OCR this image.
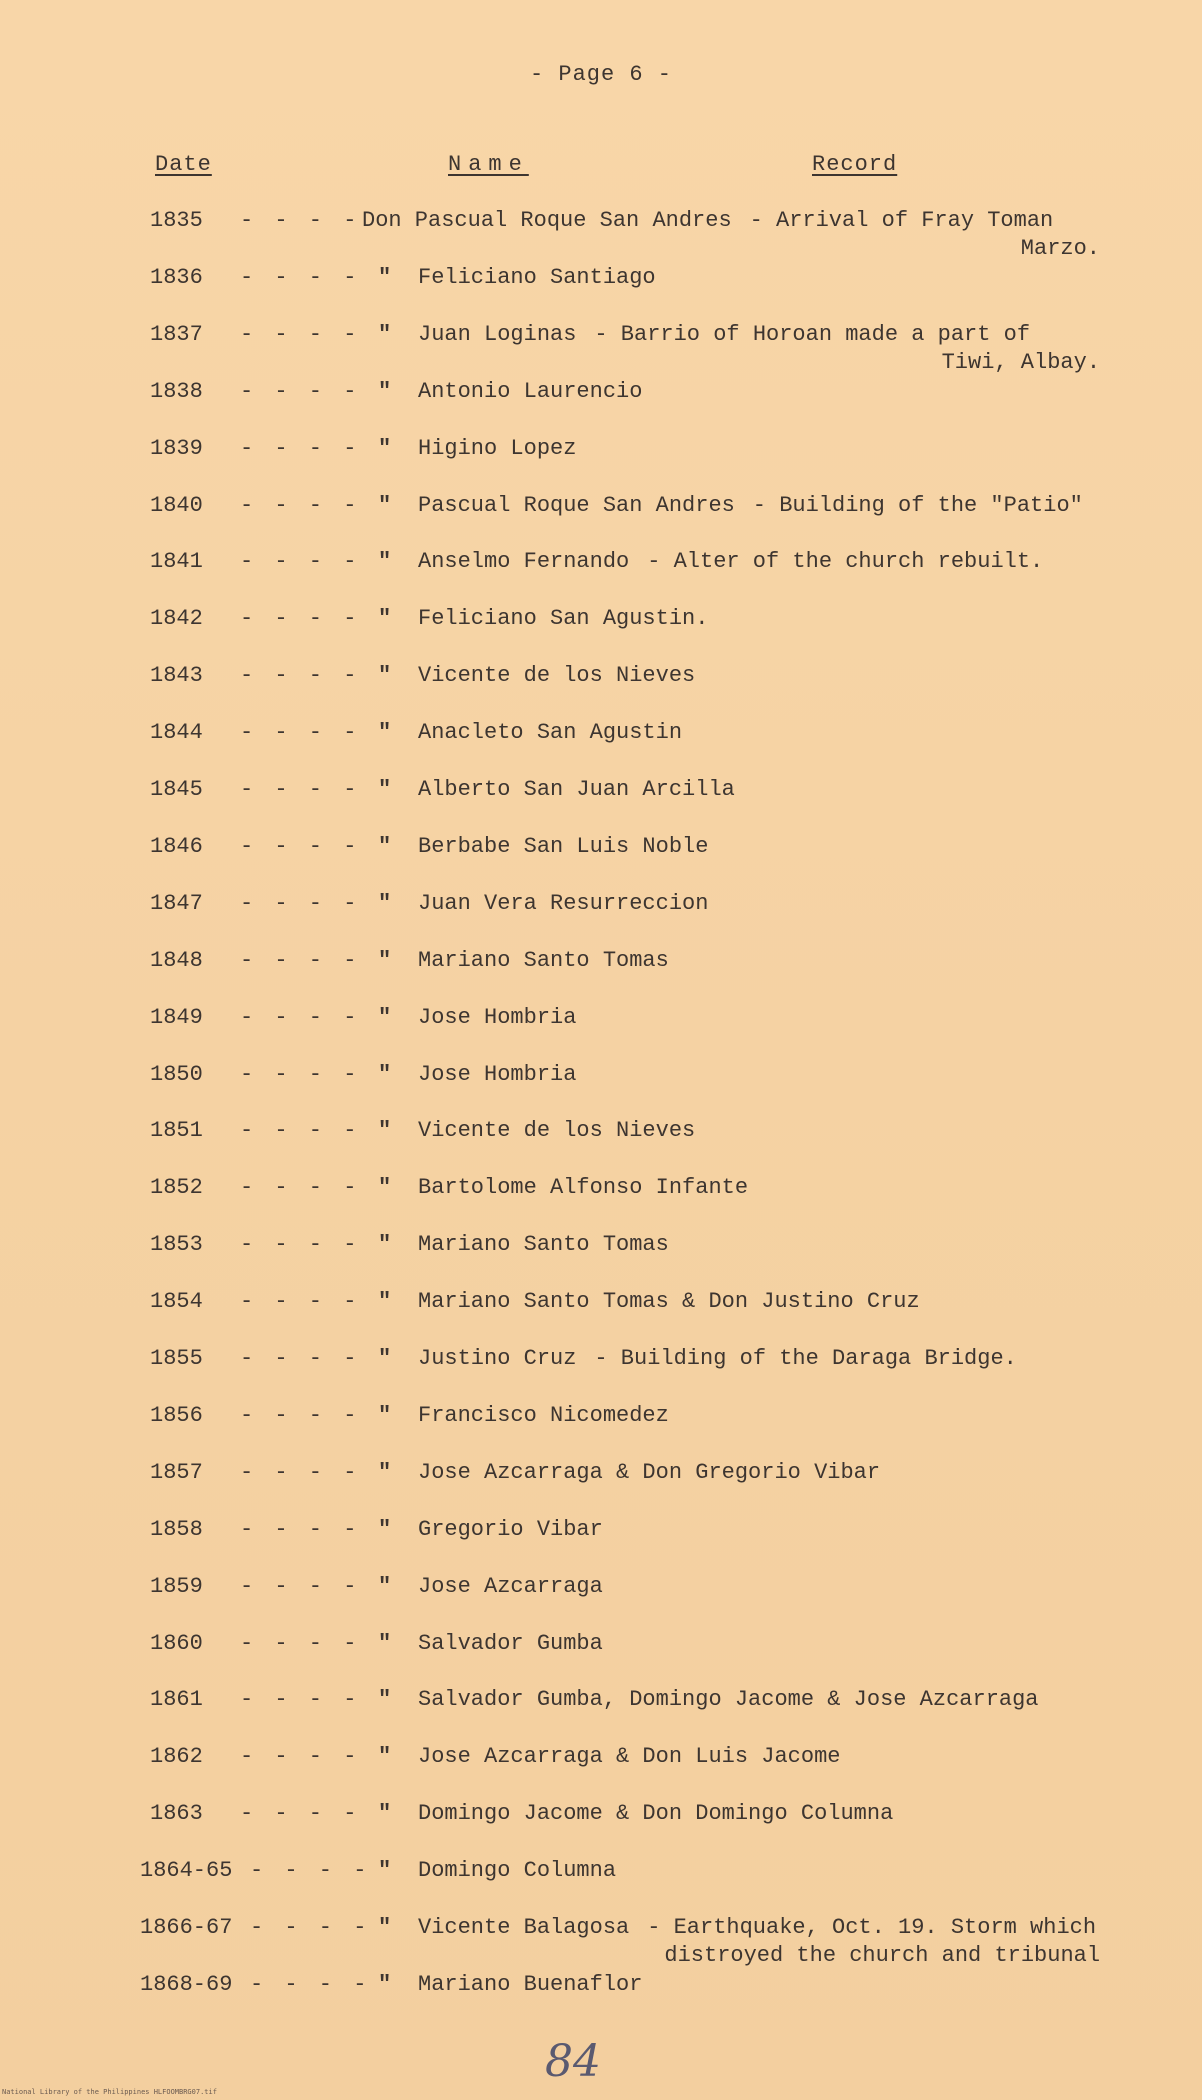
- Page 6 -
Date	Name	Record
1835 - - - - Don Pascual Roque San Andres - Arrival of Fray Toman
Marzo.
1836 - - - - " Feliciano Santiago
1837 - - - - " Juan Loginas - Barrio of Horoan made a part of
Tiwi, Albay.
1838 - - - - " Antonio Laurencio
1839 - - - - " Higino Lopez
1840 - - - - " Pascual Roque San Andres - Building of the "Patio"
1841 - - - - " Anselmo Fernando - Alter of the church rebuilt.
1842 - - - - " Feliciano San Agustin.
1843 - - - - " Vicente de los Nieves
1844 - - - - " Anacleto San Agustin
1845 - - - - " Alberto San Juan Arcilla
1846 - - - - " Berbabe San Luis Noble
1847 - - - - " Juan Vera Resurreccion
1848 - - - - " Mariano Santo Tomas
1849 - - - - " Jose Hombria
1850 - - - - " Jose Hombria
1851 - - - - " Vicente de los Nieves
1852 - - - - " Bartolome Alfonso Infante
1853 - - - - " Mariano Santo Tomas
1854 - - - - " Mariano Santo Tomas & Don Justino Cruz
1855 - - - - " Justino Cruz - Building of the Daraga Bridge.
1856 - - - - " Francisco Nicomedez
1857 - - - - " Jose Azcarraga & Don Gregorio Vibar
1858 - - - - " Gregorio Vibar
1859 - - - - " Jose Azcarraga
1860 - - - - " Salvador Gumba
1861 - - - - " Salvador Gumba, Domingo Jacome & Jose Azcarraga
1862 - - - - " Jose Azcarraga & Don Luis Jacome
1863 - - - - " Domingo Jacome & Don Domingo Columna
1864-65 - - - - " Domingo Columna
1866-67 - - - - " Vicente Balagosa - Earthquake, Oct. 19. Storm which
distroyed the church and tribunal
1868-69 - - - - " Mariano Buenaflor
84
National Library of the Philippines HLFOOMBRG07.tif
